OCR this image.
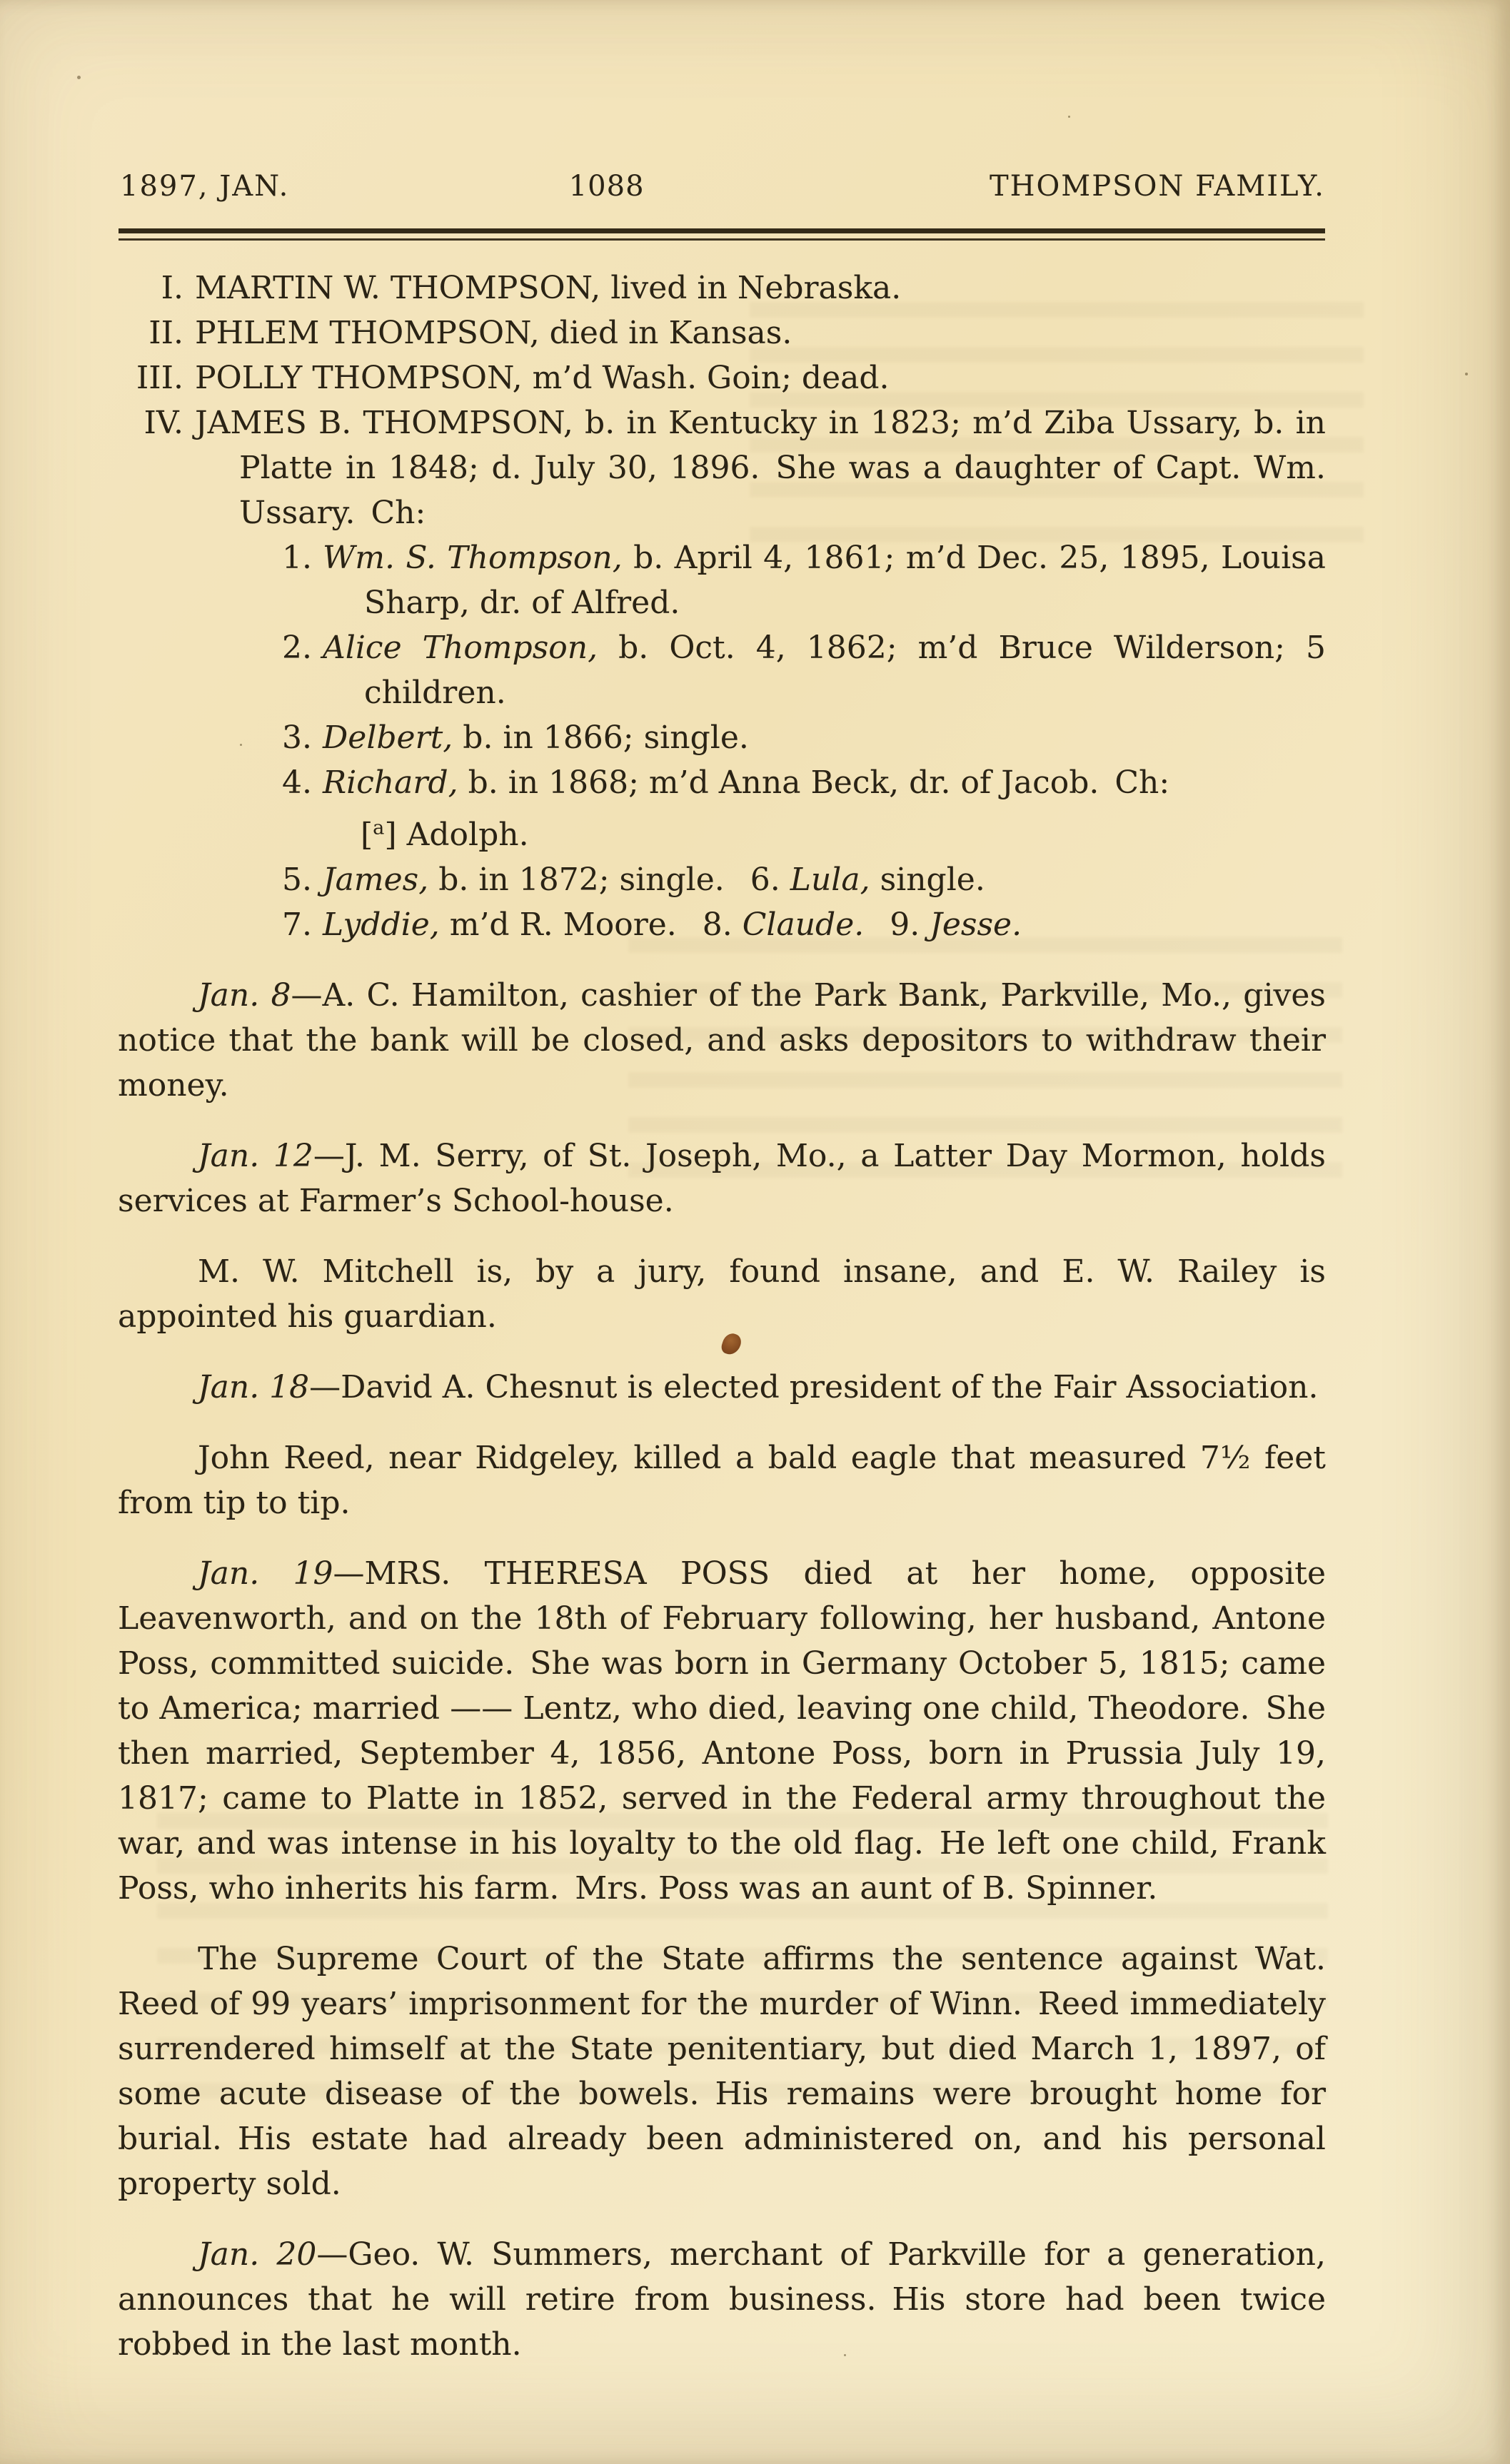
1897, JAN.	1088	THOMPSON FAMILY.
I. MARTIN W. THOMPSON, lived in Nebraska.
II. PHLEM THOMPSON, died in Kansas.
III. POLLY THOMPSON, m’d Wash. Goin; dead.
IV. JAMES B. THOMPSON, b. in Kentucky in 1823; m’d Ziba Ussary, b. in Platte in 1848; d. July 30, 1896. She was a daughter of Capt. Wm. Ussary. Ch:
1. Wm. S. Thompson, b. April 4, 1861; m’d Dec. 25, 1895, Louisa Sharp, dr. of Alfred.
2. Alice Thompson, b. Oct. 4, 1862; m’d Bruce Wilderson; 5 children.
3. Delbert, b. in 1866; single.
4. Richard, b. in 1868; m’d Anna Beck, dr. of Jacob. Ch:
[$^a$] Adolph.
5. James, b. in 1872; single.  6. Lula, single.
7. Lyddie, m’d R. Moore.  8. Claude.  9. Jesse.

Jan. 8—A. C. Hamilton, cashier of the Park Bank, Parkville, Mo., gives notice that the bank will be closed, and asks depositors to withdraw their money.

Jan. 12—J. M. Serry, of St. Joseph, Mo., a Latter Day Mormon, holds services at Farmer’s School-house.

M. W. Mitchell is, by a jury, found insane, and E. W. Railey is appointed his guardian.

Jan. 18—David A. Chesnut is elected president of the Fair Association.

John Reed, near Ridgeley, killed a bald eagle that measured 7½ feet from tip to tip.

Jan. 19—MRS. THERESA POSS died at her home, opposite Leavenworth, and on the 18th of February following, her husband, Antone Poss, committed suicide. She was born in Germany October 5, 1815; came to America; married —— Lentz, who died, leaving one child, Theodore. She then married, September 4, 1856, Antone Poss, born in Prussia July 19, 1817; came to Platte in 1852, served in the Federal army throughout the war, and was intense in his loyalty to the old flag. He left one child, Frank Poss, who inherits his farm. Mrs. Poss was an aunt of B. Spinner.

The Supreme Court of the State affirms the sentence against Wat. Reed of 99 years’ imprisonment for the murder of Winn. Reed immediately surrendered himself at the State penitentiary, but died March 1, 1897, of some acute disease of the bowels. His remains were brought home for burial. His estate had already been administered on, and his personal property sold.

Jan. 20—Geo. W. Summers, merchant of Parkville for a generation, announces that he will retire from business. His store had been twice robbed in the last month.
